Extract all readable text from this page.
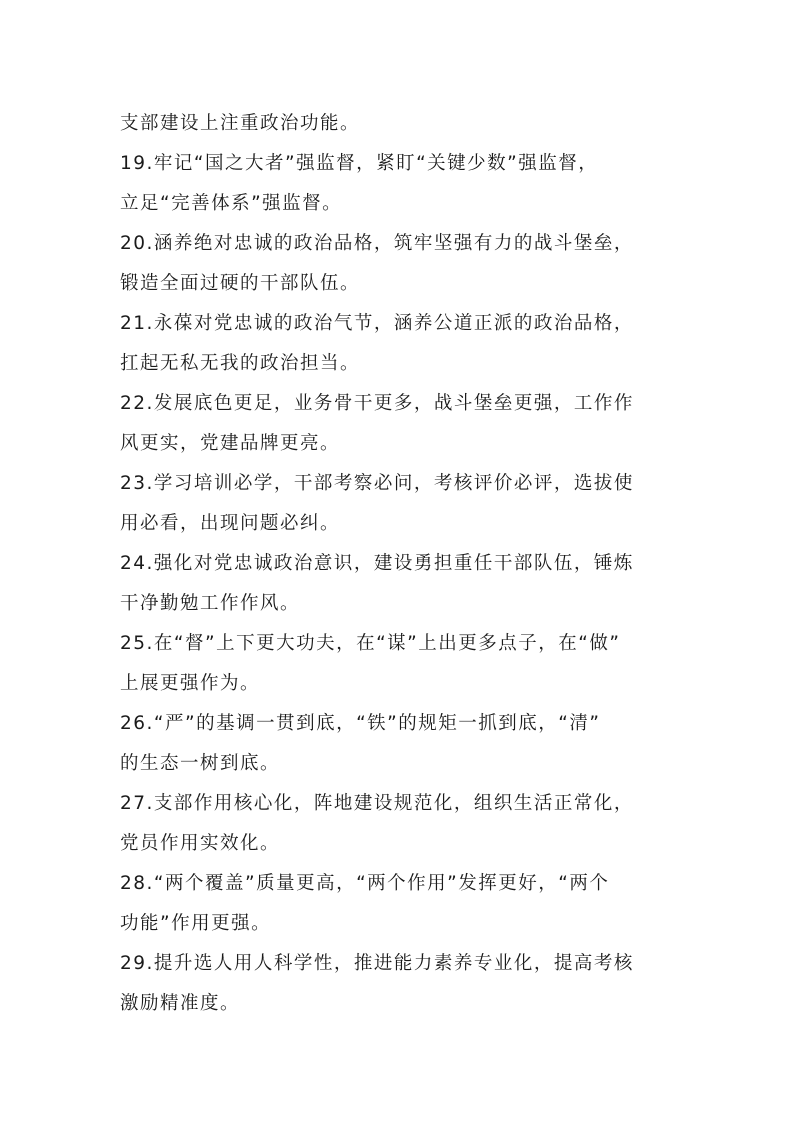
支部建设上注重政治功能。
19.牢记“国之大者”强监督，紧盯“关键少数”强监督，
立足“完善体系”强监督。
20.涵养绝对忠诚的政治品格，筑牢坚强有力的战斗堡垒，
锻造全面过硬的干部队伍。
21.永葆对党忠诚的政治气节，涵养公道正派的政治品格，
扛起无私无我的政治担当。
22.发展底色更足，业务骨干更多，战斗堡垒更强，工作作
风更实，党建品牌更亮。
23.学习培训必学，干部考察必问，考核评价必评，选拔使
用必看，出现问题必纠。
24.强化对党忠诚政治意识，建设勇担重任干部队伍，锤炼
干净勤勉工作作风。
25.在“督”上下更大功夫，在“谋”上出更多点子，在“做”
上展更强作为。
26.“严”的基调一贯到底，“铁”的规矩一抓到底，“清”
的生态一树到底。
27.支部作用核心化，阵地建设规范化，组织生活正常化，
党员作用实效化。
28.“两个覆盖”质量更高，“两个作用”发挥更好，“两个
功能”作用更强。
29.提升选人用人科学性，推进能力素养专业化，提高考核
激励精准度。
